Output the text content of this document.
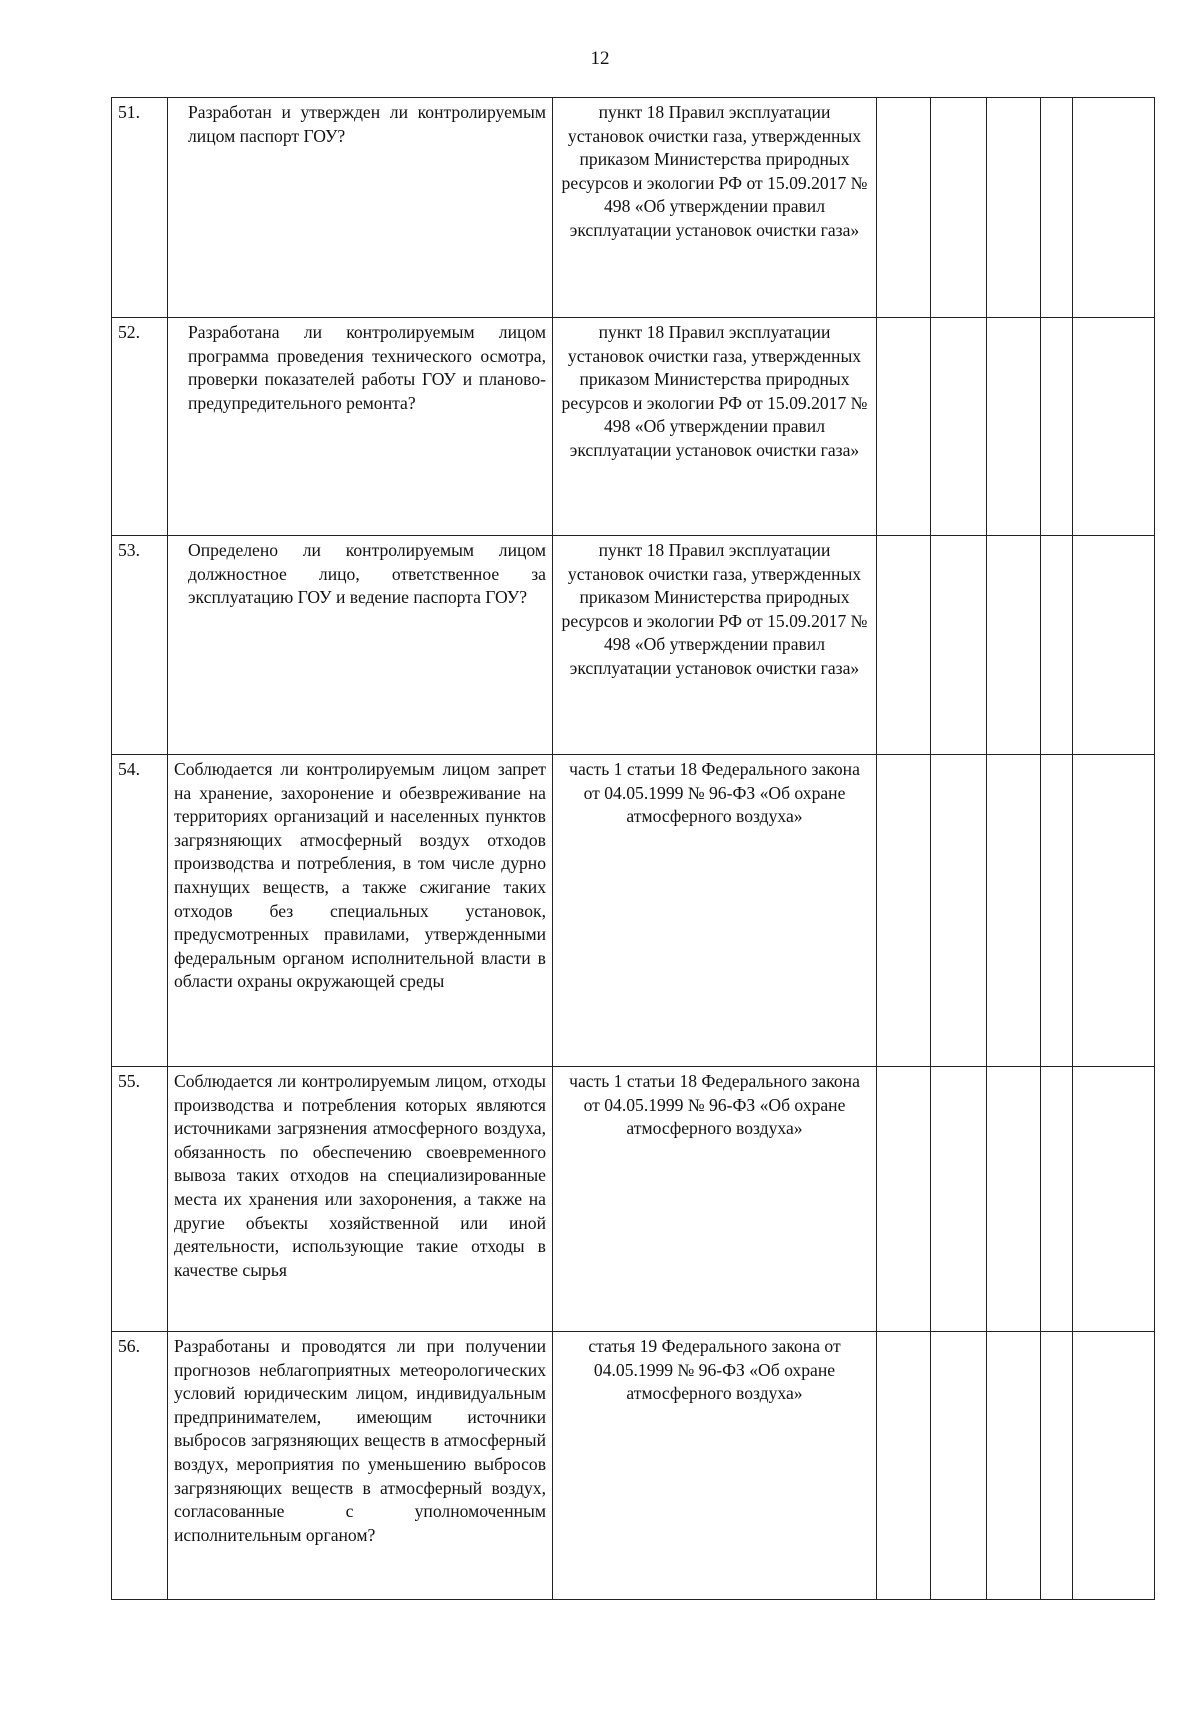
12
51.	Разработан и утвержден ли контролируемым лицом паспорт ГОУ?	пункт 18 Правил эксплуатации установок очистки газа, утвержденных приказом Министерства природных ресурсов и экологии РФ от 15.09.2017 № 498 «Об утверждении правил эксплуатации установок очистки газа»					
52.	Разработана ли контролируемым лицом программа проведения технического осмотра, проверки показателей работы ГОУ и планово-предупредительного ремонта?	пункт 18 Правил эксплуатации установок очистки газа, утвержденных приказом Министерства природных ресурсов и экологии РФ от 15.09.2017 № 498 «Об утверждении правил эксплуатации установок очистки газа»					
53.	Определено ли контролируемым лицом должностное лицо, ответственное за эксплуатацию ГОУ и ведение паспорта ГОУ?	пункт 18 Правил эксплуатации установок очистки газа, утвержденных приказом Министерства природных ресурсов и экологии РФ от 15.09.2017 № 498 «Об утверждении правил эксплуатации установок очистки газа»					
54.	Соблюдается ли контролируемым лицом запрет на хранение, захоронение и обезвреживание на территориях организаций и населенных пунктов загрязняющих атмосферный воздух отходов производства и потребления, в том числе дурно пахнущих веществ, а также сжигание таких отходов без специальных установок, предусмотренных правилами, утвержденными федеральным органом исполнительной власти в области охраны окружающей среды	часть 1 статьи 18 Федерального закона от 04.05.1999 № 96-ФЗ «Об охране атмосферного воздуха»					
55.	Соблюдается ли контролируемым лицом, отходы производства и потребления которых являются источниками загрязнения атмосферного воздуха, обязанность по обеспечению своевременного вывоза таких отходов на специализированные места их хранения или захоронения, а также на другие объекты хозяйственной или иной деятельности, использующие такие отходы в качестве сырья	часть 1 статьи 18 Федерального закона от 04.05.1999 № 96-ФЗ «Об охране атмосферного воздуха»					
56.	Разработаны и проводятся ли при получении прогнозов неблагоприятных метеорологических условий юридическим лицом, индивидуальным предпринимателем, имеющим источники выбросов загрязняющих веществ в атмосферный воздух, мероприятия по уменьшению выбросов загрязняющих веществ в атмосферный воздух, согласованные с уполномоченным исполнительным органом?	статья 19 Федерального закона от 04.05.1999 № 96-ФЗ «Об охране атмосферного воздуха»					
